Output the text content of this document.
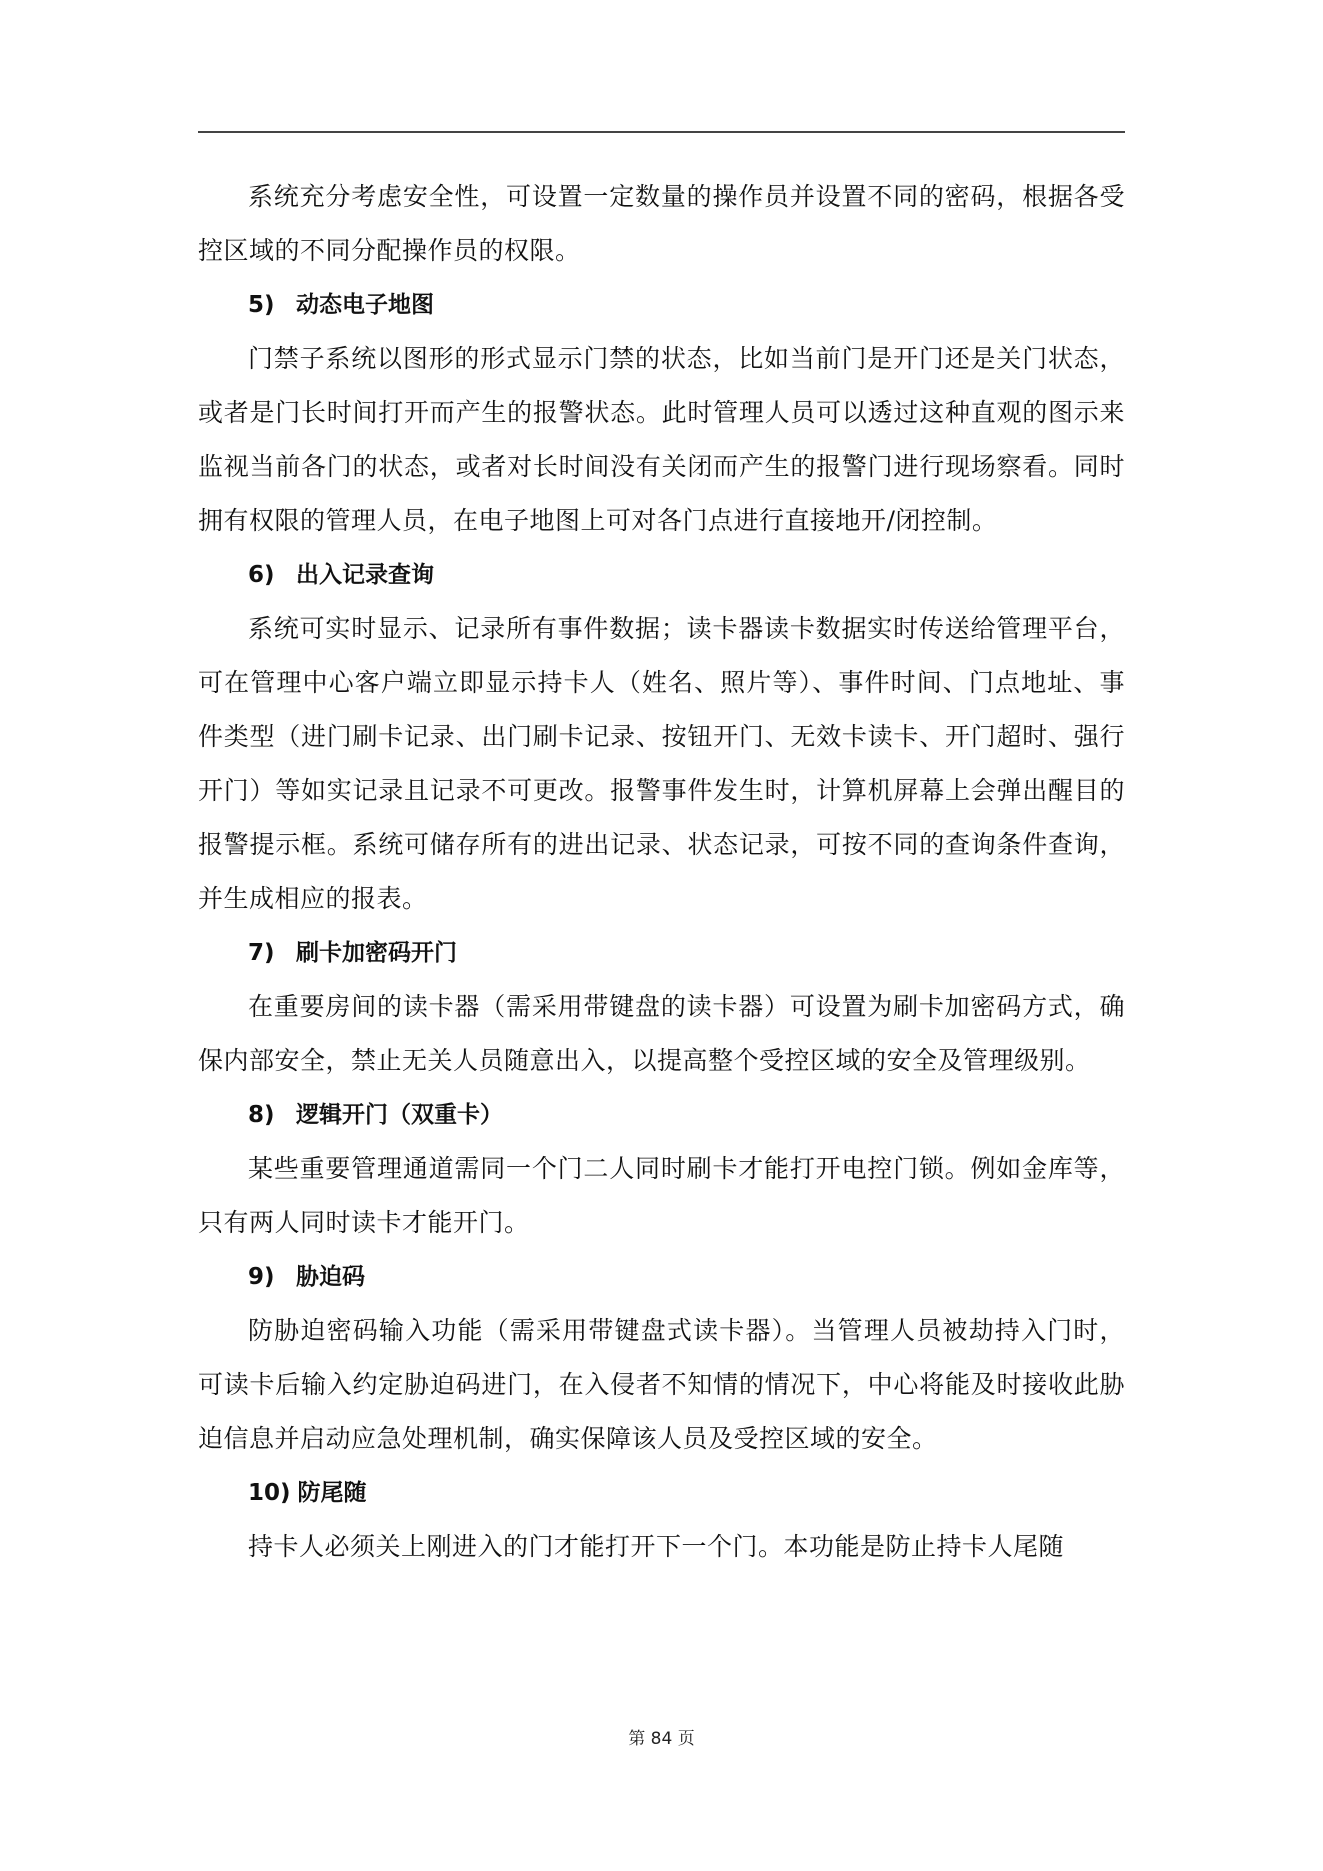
系统充分考虑安全性，可设置一定数量的操作员并设置不同的密码，根据各受控区域的不同分配操作员的权限。

5) 动态电子地图

门禁子系统以图形的形式显示门禁的状态，比如当前门是开门还是关门状态，或者是门长时间打开而产生的报警状态。此时管理人员可以透过这种直观的图示来监视当前各门的状态，或者对长时间没有关闭而产生的报警门进行现场察看。同时拥有权限的管理人员，在电子地图上可对各门点进行直接地开/闭控制。

6) 出入记录查询

系统可实时显示、记录所有事件数据；读卡器读卡数据实时传送给管理平台，可在管理中心客户端立即显示持卡人（姓名、照片等）、事件时间、门点地址、事件类型（进门刷卡记录、出门刷卡记录、按钮开门、无效卡读卡、开门超时、强行开门）等如实记录且记录不可更改。报警事件发生时，计算机屏幕上会弹出醒目的报警提示框。系统可储存所有的进出记录、状态记录，可按不同的查询条件查询，并生成相应的报表。

7) 刷卡加密码开门

在重要房间的读卡器（需采用带键盘的读卡器）可设置为刷卡加密码方式，确保内部安全，禁止无关人员随意出入，以提高整个受控区域的安全及管理级别。

8) 逻辑开门（双重卡）

某些重要管理通道需同一个门二人同时刷卡才能打开电控门锁。例如金库等，只有两人同时读卡才能开门。

9) 胁迫码

防胁迫密码输入功能（需采用带键盘式读卡器）。当管理人员被劫持入门时，可读卡后输入约定胁迫码进门，在入侵者不知情的情况下，中心将能及时接收此胁迫信息并启动应急处理机制，确实保障该人员及受控区域的安全。

10) 防尾随

持卡人必须关上刚进入的门才能打开下一个门。本功能是防止持卡人尾随

第 84 页
